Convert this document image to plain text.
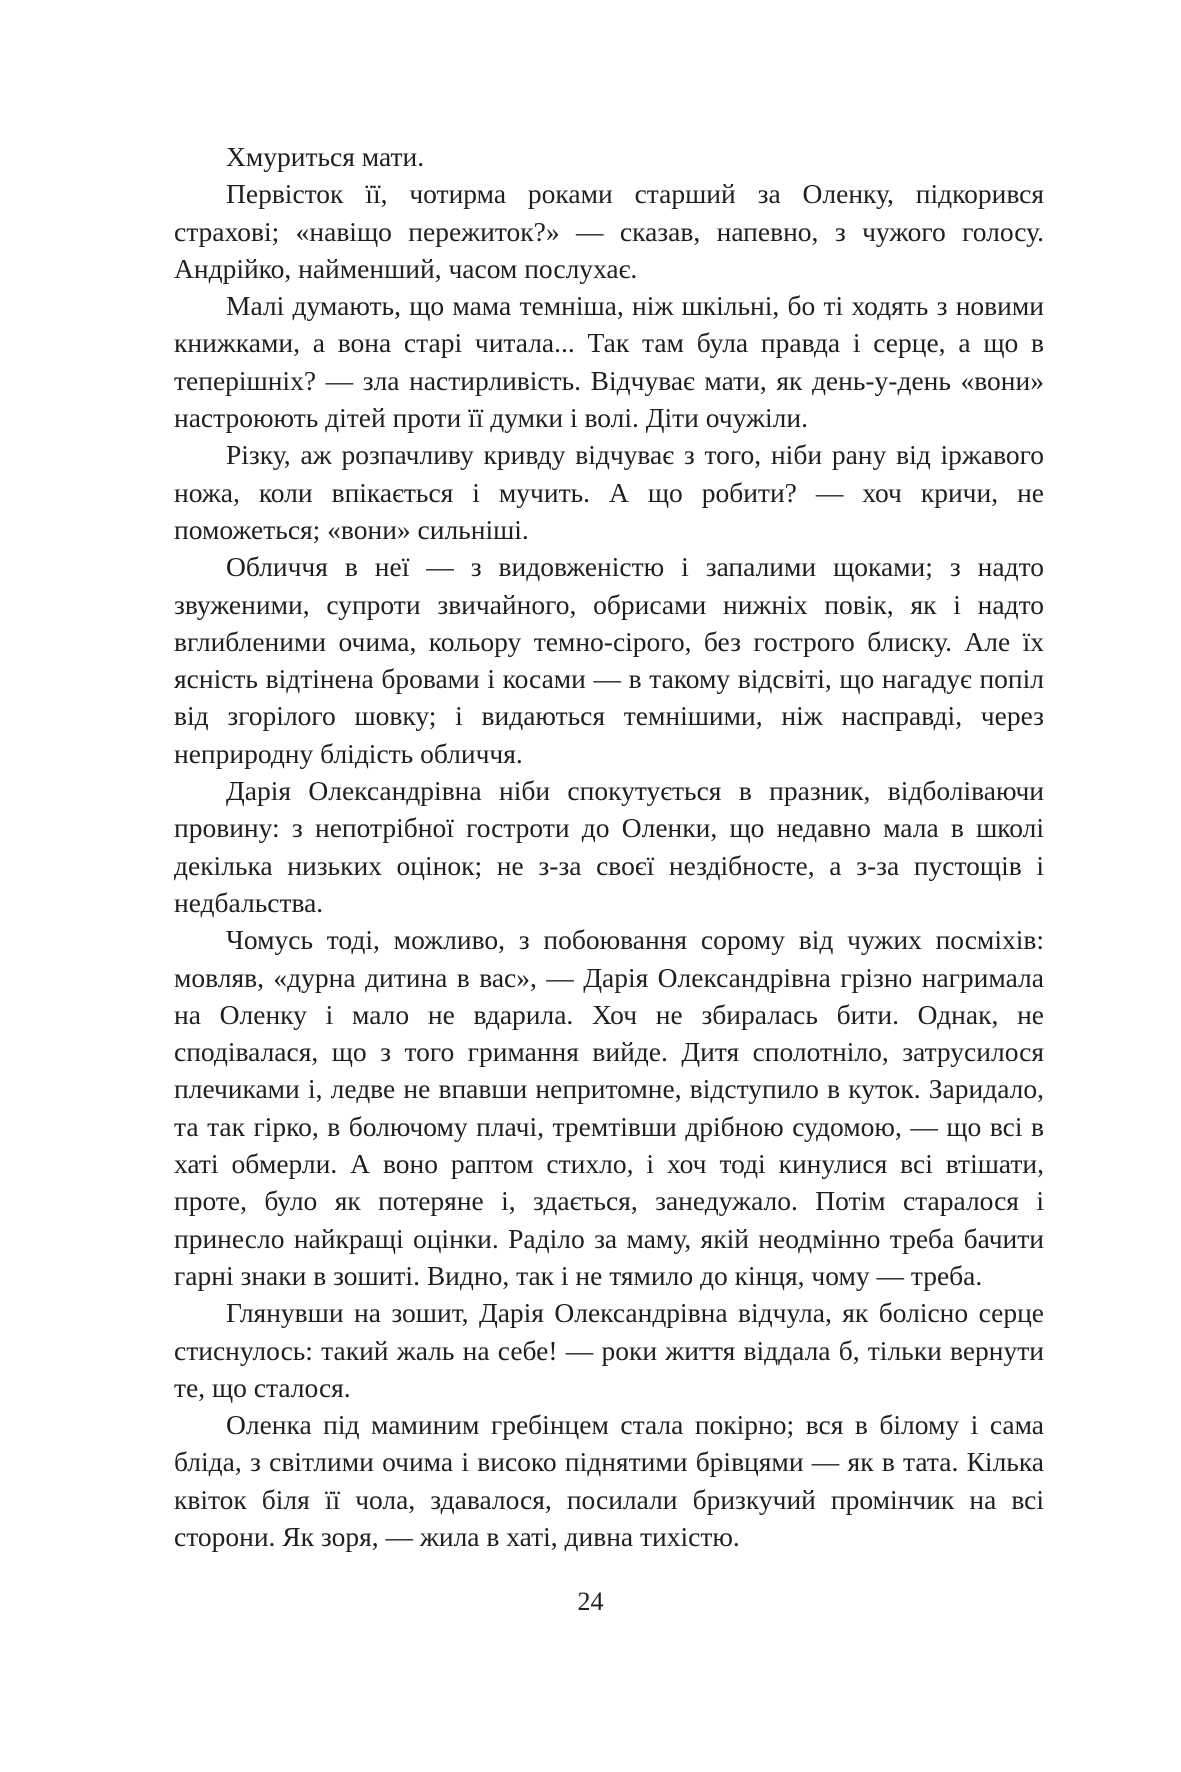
Хмуриться мати.

Первісток її, чотирма роками старший за Оленку, підкорився страхові; «навіщо пережиток?» — сказав, напевно, з чужого голосу. Андрійко, найменший, часом послухає.

Малі думають, що мама темніша, ніж шкільні, бо ті ходять з новими книжками, а вона старі читала... Так там була правда і серце, а що в теперішніх? — зла настирливість. Відчуває мати, як день-у-день «вони» настроюють дітей проти її думки і волі. Діти очужіли.

Різку, аж розпачливу кривду відчуває з того, ніби рану від іржавого ножа, коли впікається і мучить. А що робити? — хоч кричи, не поможеться; «вони» сильніші.

Обличчя в неї — з видовженістю і запалими щоками; з надто звуженими, супроти звичайного, обрисами нижніх повік, як і надто вглибленими очима, кольору темно-сірого, без гострого блиску. Але їх ясність відтінена бровами і косами — в такому відсвіті, що нагадує попіл від згорілого шовку; і видаються темнішими, ніж насправді, через неприродну блідість обличчя.

Дарія Олександрівна ніби спокутується в празник, відболіваючи провину: з непотрібної гостроти до Оленки, що недавно мала в школі декілька низьких оцінок; не з-за своєї нездібносте, а з-за пустощів і недбальства.

Чомусь тоді, можливо, з побоювання сорому від чужих посміхів: мовляв, «дурна дитина в вас», — Дарія Олександрівна грізно нагримала на Оленку і мало не вдарила. Хоч не збиралась бити. Однак, не сподівалася, що з того гримання вийде. Дитя сполотніло, затрусилося плечиками і, ледве не впавши непритомне, відступило в куток. Заридало, та так гірко, в болючому плачі, тремтівши дрібною судомою, — що всі в хаті обмерли. А воно раптом стихло, і хоч тоді кинулися всі втішати, проте, було як потеряне і, здається, занедужало. Потім старалося і принесло найкращі оцінки. Раділо за маму, якій неодмінно треба бачити гарні знаки в зошиті. Видно, так і не тямило до кінця, чому — треба.

Глянувши на зошит, Дарія Олександрівна відчула, як болісно серце стиснулось: такий жаль на себе! — роки життя віддала б, тільки вернути те, що сталося.

Оленка під маминим гребінцем стала покірно; вся в білому і сама бліда, з світлими очима і високо піднятими брівцями — як в тата. Кілька квіток біля її чола, здавалося, посилали бризкучий промінчик на всі сторони. Як зоря, — жила в хаті, дивна тихістю.

24
